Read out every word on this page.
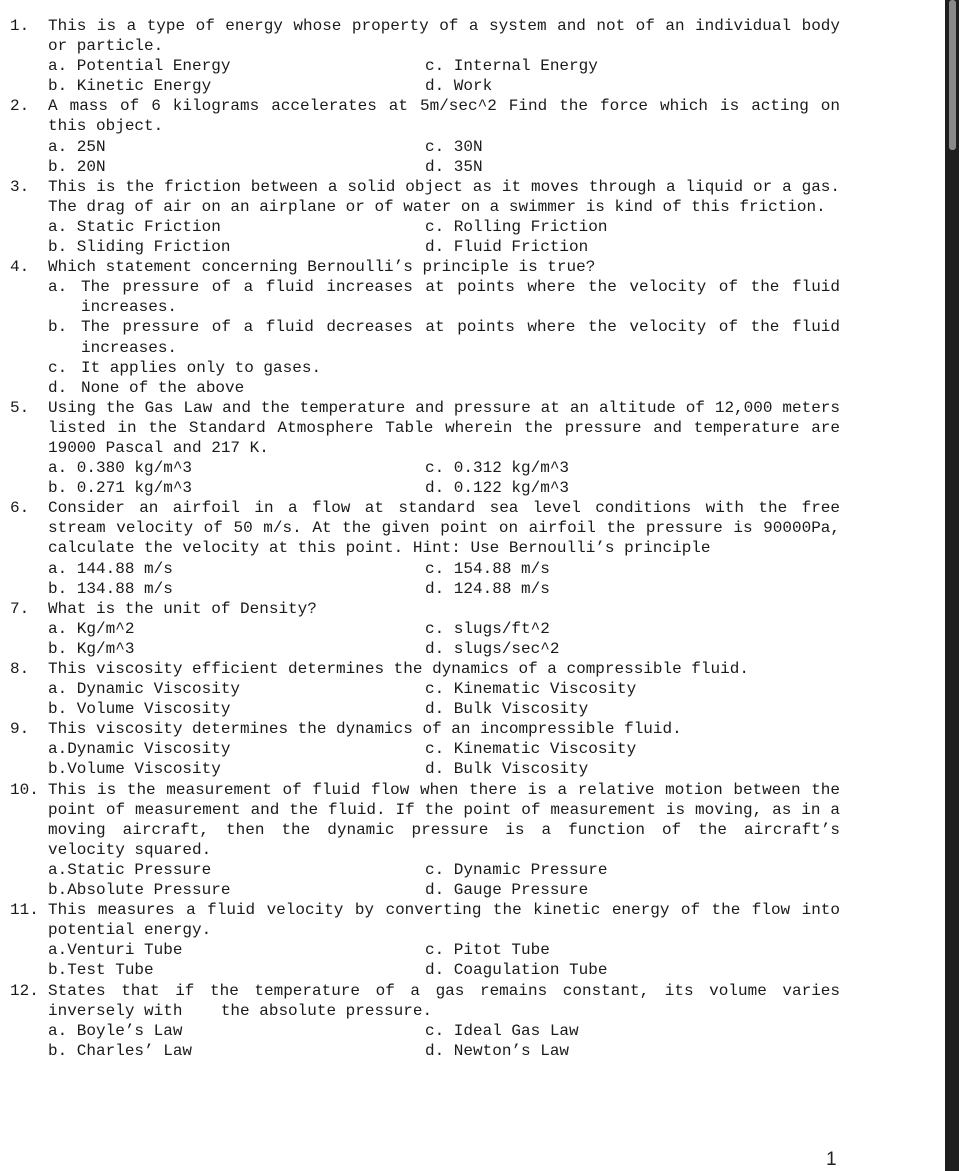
1.	This is a type of energy whose property of a system and not of an individual body or particle.
a. Potential Energy	c. Internal Energy
b. Kinetic Energy	d. Work
2.	A mass of 6 kilograms accelerates at 5m/sec^2 Find the force which is acting on this object.
a. 25N	c. 30N
b. 20N	d. 35N
3.	This is the friction between a solid object as it moves through a liquid or a gas. The drag of air on an airplane or of water on a swimmer is kind of this friction.
a. Static Friction	c. Rolling Friction
b. Sliding Friction	d. Fluid Friction
4.	Which statement concerning Bernoulli’s principle is true?
a. The pressure of a fluid increases at points where the velocity of the fluid increases.
b. The pressure of a fluid decreases at points where the velocity of the fluid increases.
c. It applies only to gases.
d. None of the above
5.	Using the Gas Law and the temperature and pressure at an altitude of 12,000 meters listed in the Standard Atmosphere Table wherein the pressure and temperature are 19000 Pascal and 217 K.
a. 0.380 kg/m^3	c. 0.312 kg/m^3
b. 0.271 kg/m^3	d. 0.122 kg/m^3
6.	Consider an airfoil in a flow at standard sea level conditions with the free stream velocity of 50 m/s. At the given point on airfoil the pressure is 90000Pa, calculate the velocity at this point. Hint: Use Bernoulli’s principle
a. 144.88 m/s	c. 154.88 m/s
b. 134.88 m/s	d. 124.88 m/s
7.	What is the unit of Density?
a. Kg/m^2	c. slugs/ft^2
b. Kg/m^3	d. slugs/sec^2
8.	This viscosity efficient determines the dynamics of a compressible fluid.
a. Dynamic Viscosity	c. Kinematic Viscosity
b. Volume Viscosity	d. Bulk Viscosity
9.	This viscosity determines the dynamics of an incompressible fluid.
a.Dynamic Viscosity	c. Kinematic Viscosity
b.Volume Viscosity	d. Bulk Viscosity
10. This is the measurement of fluid flow when there is a relative motion between the point of measurement and the fluid. If the point of measurement is moving, as in a moving aircraft, then the dynamic pressure is a function of the aircraft’s velocity squared.
a.Static Pressure	c. Dynamic Pressure
b.Absolute Pressure	d. Gauge Pressure
11. This measures a fluid velocity by converting the kinetic energy of the flow into potential energy.
a.Venturi Tube	c. Pitot Tube
b.Test Tube	d. Coagulation Tube
12. States that if the temperature of a gas remains constant, its volume varies inversely with    the absolute pressure.
a. Boyle’s Law	c. Ideal Gas Law
b. Charles’ Law	d. Newton’s Law
1
